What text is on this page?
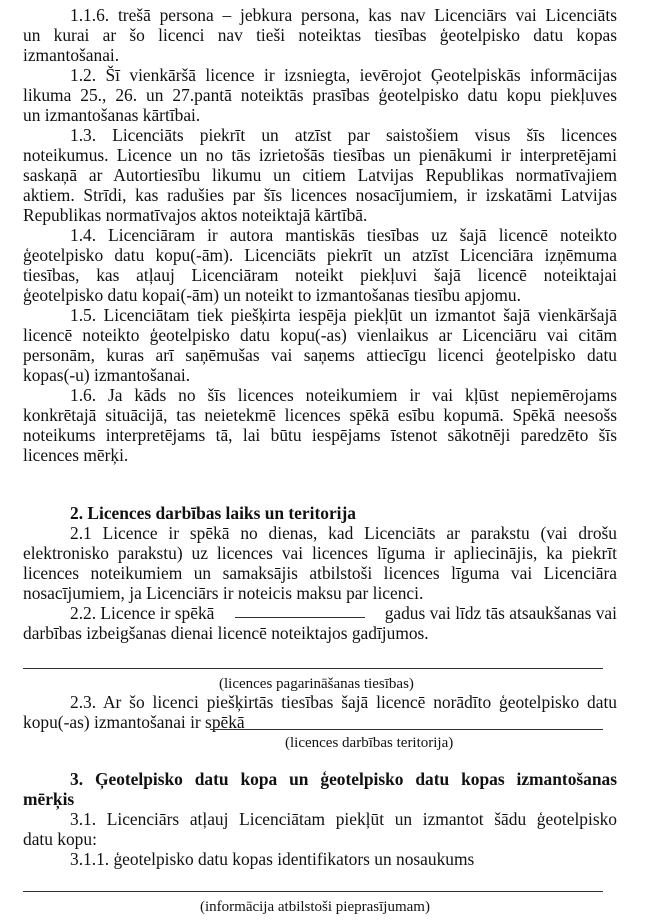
1.1.6. trešā persona – jebkura persona, kas nav Licenciārs vai Licenciāts
un kurai ar šo licenci nav tieši noteiktas tiesības ģeotelpisko datu kopas
izmantošanai.
1.2. Šī vienkāršā licence ir izsniegta, ievērojot Ģeotelpiskās informācijas
likuma 25., 26. un 27.pantā noteiktās prasības ģeotelpisko datu kopu piekļuves
un izmantošanas kārtībai.
1.3. Licenciāts piekrīt un atzīst par saistošiem visus šīs licences
noteikumus. Licence un no tās izrietošās tiesības un pienākumi ir interpretējami
saskaņā ar Autortiesību likumu un citiem Latvijas Republikas normatīvajiem
aktiem. Strīdi, kas radušies par šīs licences nosacījumiem, ir izskatāmi Latvijas
Republikas normatīvajos aktos noteiktajā kārtībā.
1.4. Licenciāram ir autora mantiskās tiesības uz šajā licencē noteikto
ģeotelpisko datu kopu(-ām). Licenciāts piekrīt un atzīst Licenciāra izņēmuma
tiesības, kas atļauj Licenciāram noteikt piekļuvi šajā licencē noteiktajai
ģeotelpisko datu kopai(-ām) un noteikt to izmantošanas tiesību apjomu.
1.5. Licenciātam tiek piešķirta iespēja piekļūt un izmantot šajā vienkāršajā
licencē noteikto ģeotelpisko datu kopu(-as) vienlaikus ar Licenciāru vai citām
personām, kuras arī saņēmušas vai saņems attiecīgu licenci ģeotelpisko datu
kopas(-u) izmantošanai.
1.6. Ja kāds no šīs licences noteikumiem ir vai kļūst nepiemērojams
konkrētajā situācijā, tas neietekmē licences spēkā esību kopumā. Spēkā neesošs
noteikums interpretējams tā, lai būtu iespējams īstenot sākotnēji paredzēto šīs
licences mērķi.
2. Licences darbības laiks un teritorija
2.1 Licence ir spēkā no dienas, kad Licenciāts ar parakstu (vai drošu
elektronisko parakstu) uz licences vai licences līguma ir apliecinājis, ka piekrīt
licences noteikumiem un samaksājis atbilstoši licences līguma vai Licenciāra
nosacījumiem, ja Licenciārs ir noteicis maksu par licenci.
2.2. Licence ir spēkā	gadus vai līdz tās atsaukšanas vai
darbības izbeigšanas dienai licencē noteiktajos gadījumos.
(licences pagarināšanas tiesības)
2.3. Ar šo licenci piešķirtās tiesības šajā licencē norādīto ģeotelpisko datu
kopu(-as) izmantošanai ir spēkā
(licences darbības teritorija)
3. Ģeotelpisko datu kopa un ģeotelpisko datu kopas izmantošanas
mērķis
3.1. Licenciārs atļauj Licenciātam piekļūt un izmantot šādu ģeotelpisko
datu kopu:
3.1.1. ģeotelpisko datu kopas identifikators un nosaukums
(informācija atbilstoši pieprasījumam)
